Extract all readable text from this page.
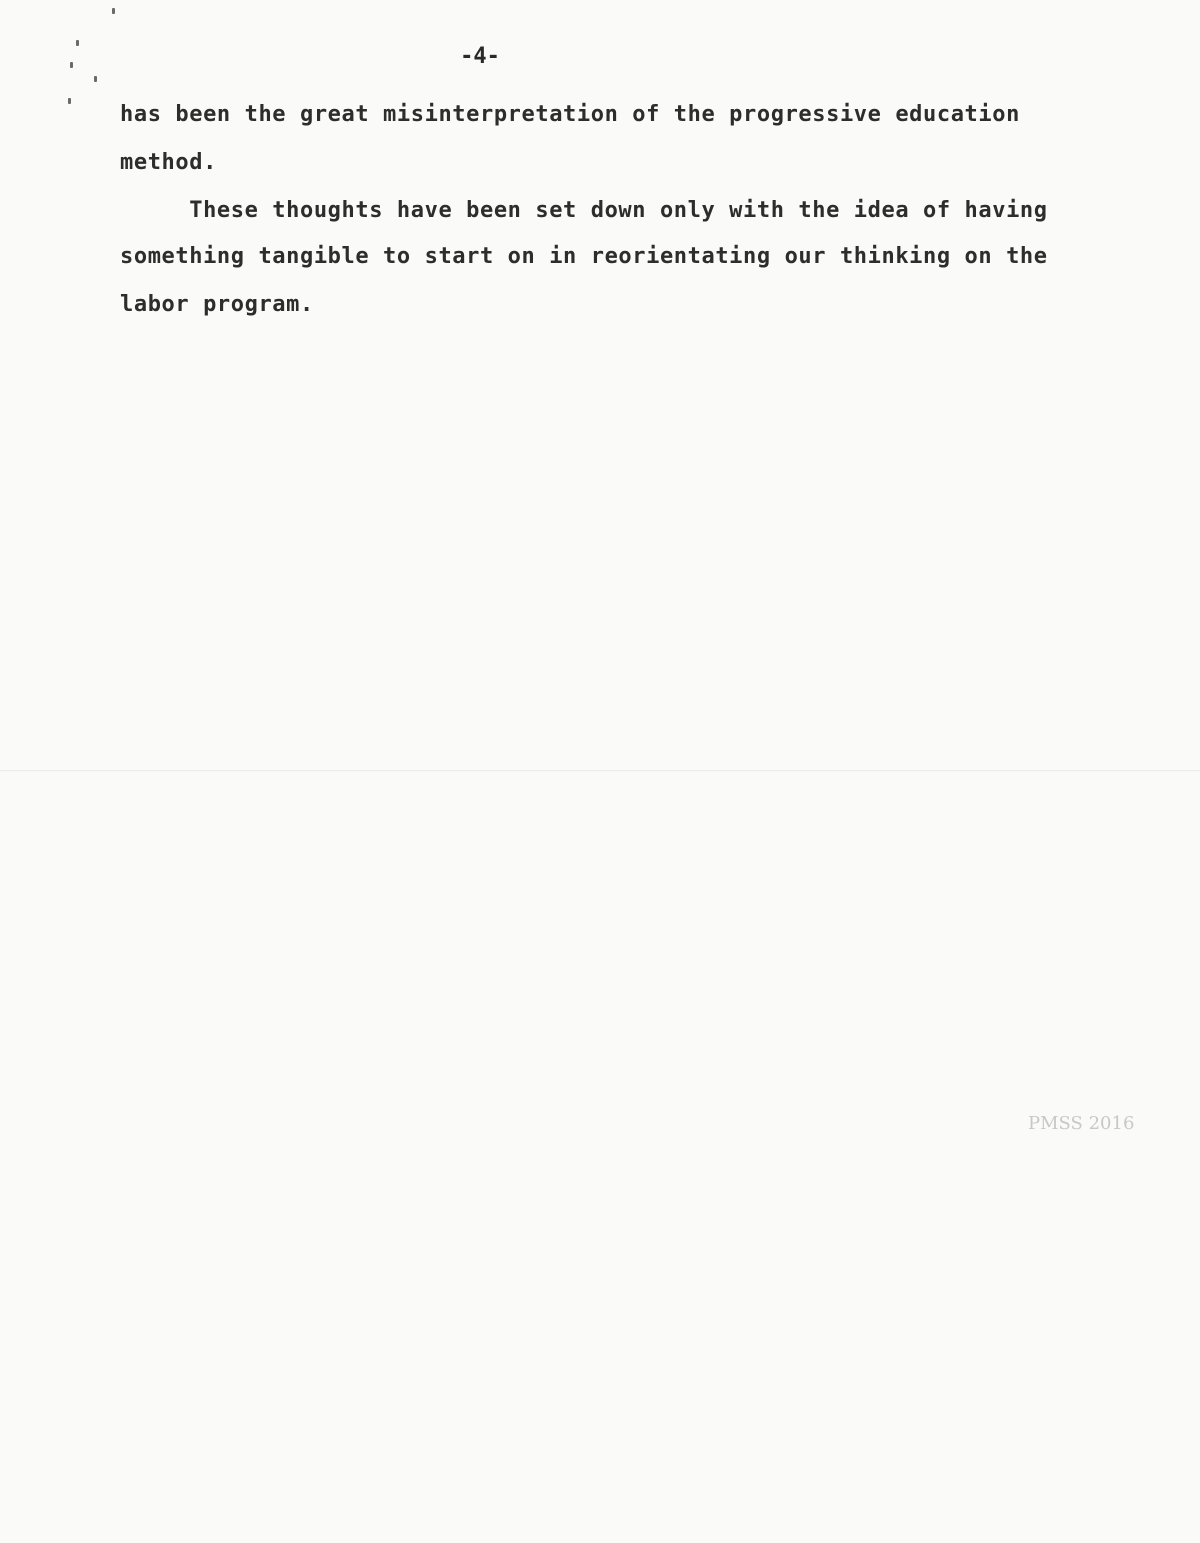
-4-
has been the great misinterpretation of the progressive education
method.
These thoughts have been set down only with the idea of having
something tangible to start on in reorientating our thinking on the
labor program.
PMSS 2016
